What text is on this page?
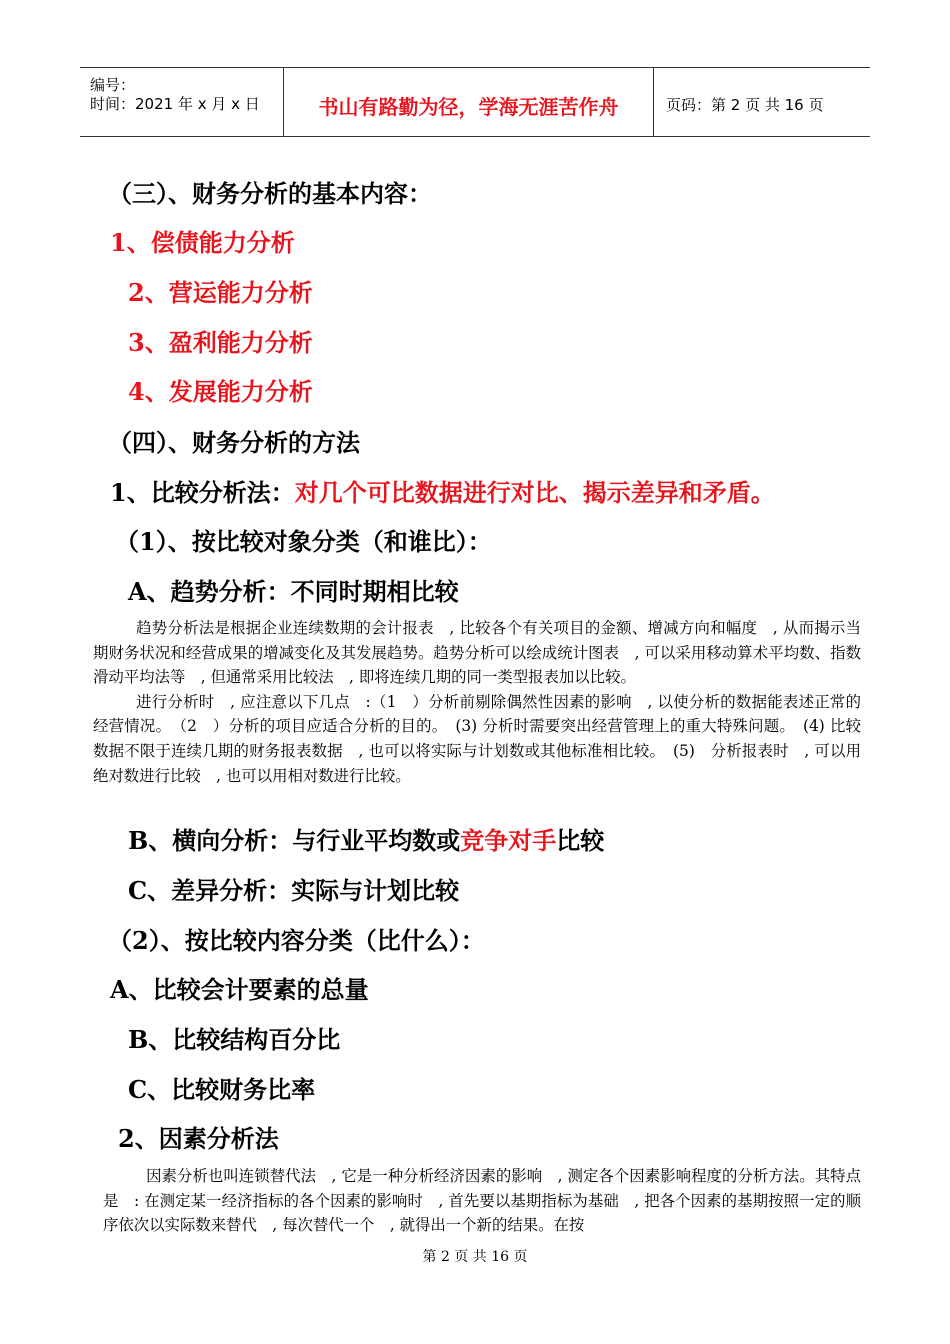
编号：
时间：2021 年 x 月 x 日	书山有路勤为径，学海无涯苦作舟	页码：第 2 页 共 16 页
（三）、财务分析的基本内容：
1、偿债能力分析
2、营运能力分析
3、盈利能力分析
4、发展能力分析
（四）、财务分析的方法
1、比较分析法：对几个可比数据进行对比、揭示差异和矛盾。
（1）、按比较对象分类（和谁比）：
A、趋势分析：不同时期相比较

趋势分析法是根据企业连续数期的会计报表　, 比较各个有关项目的金额、增减方向和幅度　, 从而揭示当期财务状况和经营成果的增减变化及其发展趋势。趋势分析可以绘成统计图表　, 可以采用移动算术平均数、指数滑动平均法等　, 但通常采用比较法　, 即将连续几期的同一类型报表加以比较。

进行分析时　, 应注意以下几点　:（1　）分析前剔除偶然性因素的影响　, 以使分析的数据能表述正常的经营情况。　（2　）分析的项目应适合分析的目的。　(3) 分析时需要突出经营管理上的重大特殊问题。　(4) 比较数据不限于连续几期的财务报表数据　, 也可以将实际与计划数或其他标准相比较。　(5)　分析报表时　, 可以用绝对数进行比较　, 也可以用相对数进行比较。

B、横向分析：与行业平均数或竞争对手比较
C、差异分析：实际与计划比较
（2）、按比较内容分类（比什么）：
A、比较会计要素的总量
B、比较结构百分比
C、比较财务比率
2、因素分析法

因素分析也叫连锁替代法　, 它是一种分析经济因素的影响　, 测定各个因素影响程度的分析方法。其特点是　: 在测定某一经济指标的各个因素的影响时　, 首先要以基期指标为基础　, 把各个因素的基期按照一定的顺序依次以实际数来替代　, 每次替代一个　, 就得出一个新的结果。在按

第 2 页 共 16 页
